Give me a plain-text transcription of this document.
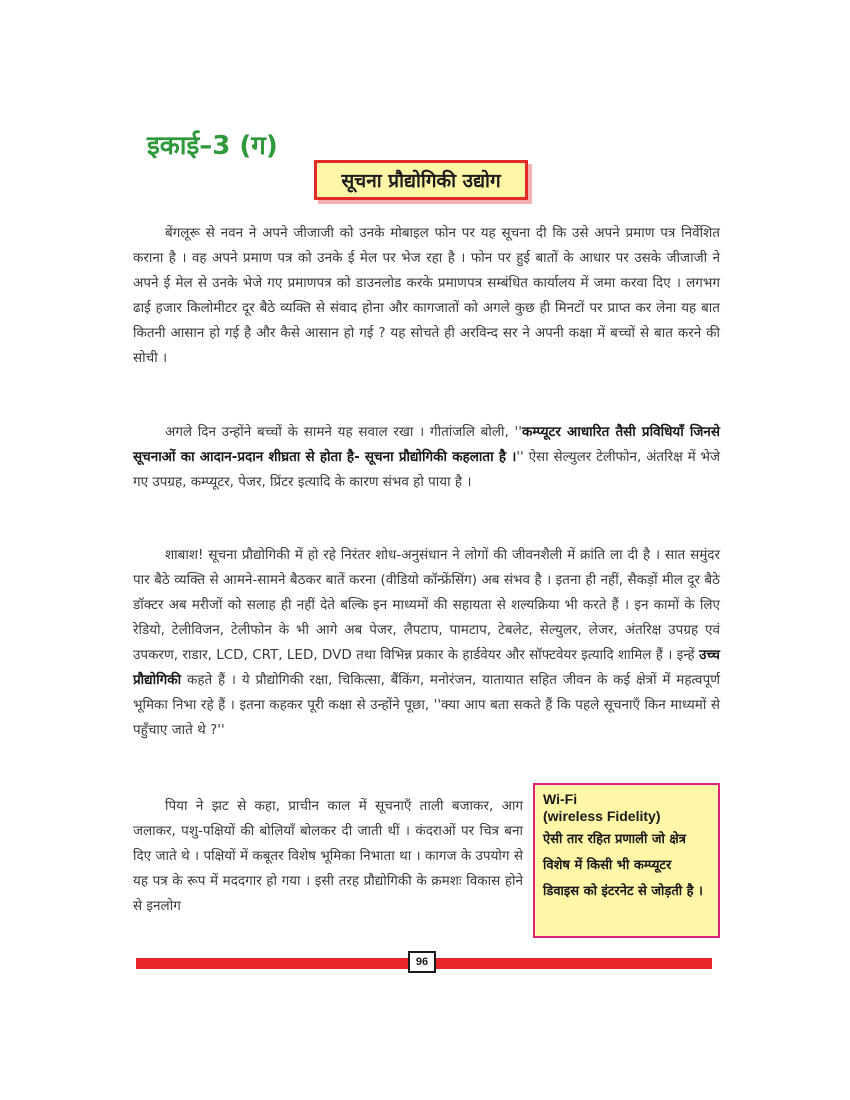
इकाई–3 (ग)
सूचना प्रौद्योगिकी उद्योग

बेंगलूरू से नवन ने अपने जीजाजी को उनके मोबाइल फोन पर यह सूचना दी कि उसे अपने प्रमाण पत्र निर्वेशित कराना है । वह अपने प्रमाण पत्र को उनके ई मेल पर भेज रहा है । फोन पर हुई बातों के आधार पर उसके जीजाजी ने अपने ई मेल से उनके भेजे गए प्रमाणपत्र को डाउनलोड करके प्रमाणपत्र सम्बंधित कार्यालय में जमा करवा दिए । लगभग ढाई हजार किलोमीटर दूर बैठे व्यक्ति से संवाद होना और कागजातों को अगले कुछ ही मिनटों पर प्राप्त कर लेना यह बात कितनी आसान हो गई है और कैसे आसान हो गई ? यह सोचते ही अरविन्द सर ने अपनी कक्षा में बच्चों से बात करने की सोची ।

अगले दिन उन्होंने बच्चों के सामने यह सवाल रखा । गीतांजलि बोली, ''कम्प्यूटर आधारित तैसी प्रविधियाँ जिनसे सूचनाओं का आदान-प्रदान शीघ्रता से होता है- सूचना प्रौद्योगिकी कहलाता है ।'' ऐसा सेल्युलर टेलीफोन, अंतरिक्ष में भेजे गए उपग्रह, कम्प्यूटर, पेजर, प्रिंटर इत्यादि के कारण संभव हो पाया है ।

शाबाश! सूचना प्रौद्योगिकी में हो रहे निरंतर शोध-अनुसंधान ने लोगों की जीवनशैली में क्रांति ला दी है । सात समुंदर पार बैठे व्यक्ति से आमने-सामने बैठकर बातें करना (वीडियो कॉन्फ्रेंसिंग) अब संभव है । इतना ही नहीं, सैकड़ों मील दूर बैठे डॉक्टर अब मरीजों को सलाह ही नहीं देते बल्कि इन माध्यमों की सहायता से शल्यक्रिया भी करते हैं । इन कामों के लिए रेडियो, टेलीविजन, टेलीफोन के भी आगे अब पेजर, लैपटाप, पामटाप, टेबलेट, सेल्युलर, लेजर, अंतरिक्ष उपग्रह एवं उपकरण, राडार, LCD, CRT, LED, DVD तथा विभिन्न प्रकार के हार्डवेयर और सॉफ्टवेयर इत्यादि शामिल हैं । इन्हें उच्च प्रौद्योगिकी कहते हैं । ये प्रौद्योगिकी रक्षा, चिकित्सा, बैंकिंग, मनोरंजन, यातायात सहित जीवन के कई क्षेत्रों में महत्वपूर्ण भूमिका निभा रहे हैं । इतना कहकर पूरी कक्षा से उन्होंने पूछा, ''क्या आप बता सकते हैं कि पहले सूचनाएँ किन माध्यमों से पहुँचाए जाते थे ?''

पिया ने झट से कहा, प्राचीन काल में सूचनाएँ ताली बजाकर, आग जलाकर, पशु-पक्षियों की बोलियाँ बोलकर दी जाती थीं । कंदराओं पर चित्र बना दिए जाते थे । पक्षियों में कबूतर विशेष भूमिका निभाता था । कागज के उपयोग से यह पत्र के रूप में मददगार हो गया । इसी तरह प्रौद्योगिकी के क्रमशः विकास होने से इनलोग

Wi-Fi
(wireless Fidelity)
ऐसी तार रहित प्रणाली जो क्षेत्र विशेष में किसी भी कम्प्यूटर डिवाइस को इंटरनेट से जोड़ती है ।
96
